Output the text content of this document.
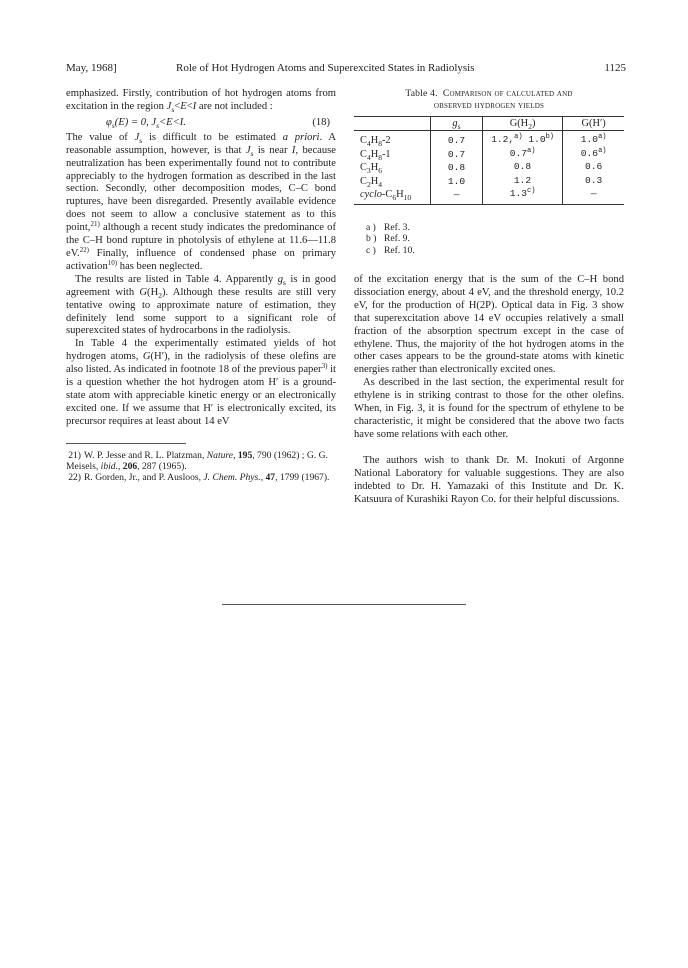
May, 1968]	Role of Hot Hydrogen Atoms and Superexcited States in Radiolysis	1125

emphasized. Firstly, contribution of hot hydrogen atoms from excitation in the region $J_s<E<I$ are not included :

$\varphi_s(E) = 0$, $J_s<E<I$.	(18)

The value of $J_s$ is difficult to be estimated a priori. A reasonable assumption, however, is that $J_s$ is near I, because neutralization has been experimentally found not to contribute appreciably to the hydrogen formation as described in the last section. Secondly, other decomposition modes, C–C bond ruptures, have been disregarded. Presently available evidence does not seem to allow a conclusive statement as to this point,$^{21)}$ although a recent study indicates the predominance of the C–H bond rupture in photolysis of ethylene at 11.6—11.8 eV.$^{22)}$ Finally, influence of condensed phase on primary activation$^{10)}$ has been neglected.

The results are listed in Table 4. Apparently $g_s$ is in good agreement with $G(H_2)$. Although these results are still very tentative owing to approximate nature of estimation, they definitely lend some support to a significant role of superexcited states of hydrocarbons in the radiolysis.

In Table 4 the experimentally estimated yields of hot hydrogen atoms, G(H′), in the radiolysis of these olefins are also listed. As indicated in footnote 18 of the previous paper$^{3)}$ it is a question whether the hot hydrogen atom H′ is a ground-state atom with appreciable kinetic energy or an electronically excited one. If we assume that H′ is electronically excited, its precursor requires at least about 14 eV

21) W. P. Jesse and R. L. Platzman, Nature, 195, 790 (1962) ; G. G. Meisels, ibid., 206, 287 (1965).
22) R. Gorden, Jr., and P. Ausloos, J. Chem. Phys., 47, 1799 (1967).
Table 4. Comparison of calculated and
observed hydrogen yields
	$g_s$	$G(H_2)$	G(H′)
$C_4H_8-2$	0.7	1.2,$^{a)}$ 1.0$^{b)}$	1.0$^{a)}$
$C_4H_8-1$	0.7	0.7$^{a)}$	0.6$^{a)}$
$C_3H_6$	0.8	0.8	0.6
$C_2H_4$	1.0	1.2	0.3
cyclo-$C_6H_{10}$	—	1.3$^{c)}$	—
a ) Ref. 3.
b ) Ref. 9.
c ) Ref. 10.

of the excitation energy that is the sum of the C–H bond dissociation energy, about 4 eV, and the threshold energy, 10.2 eV, for the production of H(2P). Optical data in Fig. 3 show that superexcitation above 14 eV occupies relatively a small fraction of the absorption spectrum except in the case of ethylene. Thus, the majority of the hot hydrogen atoms in the other cases appears to be the ground-state atoms with kinetic energies rather than electronically excited ones.

As described in the last section, the experimental result for ethylene is in striking contrast to those for the other olefins. When, in Fig. 3, it is found for the spectrum of ethylene to be characteristic, it might be considered that the above two facts have some relations with each other.

The authors wish to thank Dr. M. Inokuti of Argonne National Laboratory for valuable suggestions. They are also indebted to Dr. H. Yamazaki of this Institute and Dr. K. Katsuura of Kurashiki Rayon Co. for their helpful discussions.
